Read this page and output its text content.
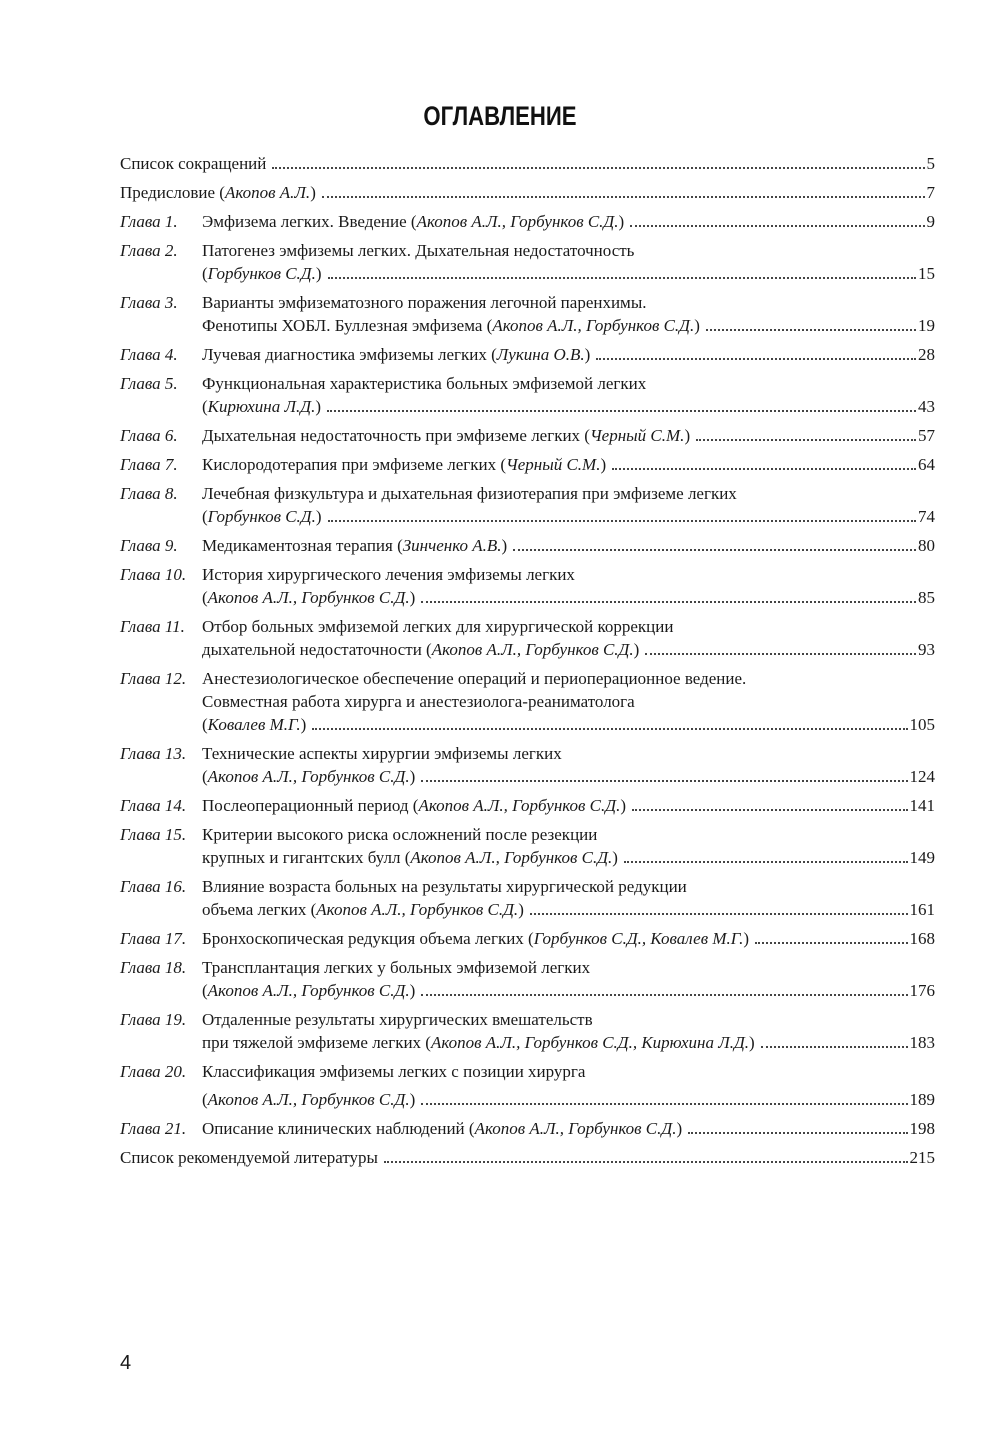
ОГЛАВЛЕНИЕ
Список сокращений	5
Предисловие (Акопов А.Л.)	7
Глава 1.	Эмфизема легких. Введение (Акопов А.Л., Горбунков С.Д.)	9
Глава 2.	Патогенез эмфиземы легких. Дыхательная недостаточность
(Горбунков С.Д.)	15
Глава 3.	Варианты эмфизематозного поражения легочной паренхимы.
Фенотипы ХОБЛ. Буллезная эмфизема (Акопов А.Л., Горбунков С.Д.)	19
Глава 4.	Лучевая диагностика эмфиземы легких (Лукина О.В.)	28
Глава 5.	Функциональная характеристика больных эмфиземой легких
(Кирюхина Л.Д.)	43
Глава 6.	Дыхательная недостаточность при эмфиземе легких (Черный С.М.)	57
Глава 7.	Кислородотерапия при эмфиземе легких (Черный С.М.)	64
Глава 8.	Лечебная физкультура и дыхательная физиотерапия при эмфиземе легких
(Горбунков С.Д.)	74
Глава 9.	Медикаментозная терапия (Зинченко А.В.)	80
Глава 10. История хирургического лечения эмфиземы легких
(Акопов А.Л., Горбунков С.Д.)	85
Глава 11.	Отбор больных эмфиземой легких для хирургической коррекции
дыхательной недостаточности (Акопов А.Л., Горбунков С.Д.)	93
Глава 12. Анестезиологическое обеспечение операций и периоперационное ведение.
Совместная работа хирурга и анестезиолога-реаниматолога
(Ковалев М.Г.)	105
Глава 13. Технические аспекты хирургии эмфиземы легких
(Акопов А.Л., Горбунков С.Д.)	124
Глава 14. Послеоперационный период (Акопов А.Л., Горбунков С.Д.)	141
Глава 15. Критерии высокого риска осложнений после резекции
крупных и гигантских булл (Акопов А.Л., Горбунков С.Д.)	149
Глава 16. Влияние возраста больных на результаты хирургической редукции
объема легких (Акопов А.Л., Горбунков С.Д.)	161
Глава 17. Бронхоскопическая редукция объема легких (Горбунков С.Д., Ковалев М.Г.)	168
Глава 18. Трансплантация легких у больных эмфиземой легких
(Акопов А.Л., Горбунков С.Д.)	176
Глава 19. Отдаленные результаты хирургических вмешательств
при тяжелой эмфиземе легких (Акопов А.Л., Горбунков С.Д., Кирюхина Л.Д.)	183
Глава 20. Классификация эмфиземы легких с позиции хирурга
(Акопов А.Л., Горбунков С.Д.)	189
Глава 21. Описание клинических наблюдений (Акопов А.Л., Горбунков С.Д.)	198
Список рекомендуемой литературы	215
4
